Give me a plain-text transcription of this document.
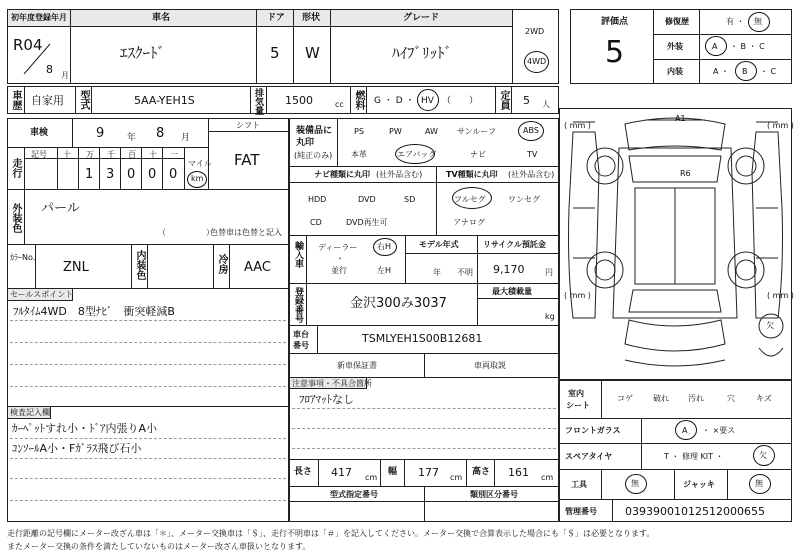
初年度登録年月
R04
8 月
車名
ｴｽｸｰﾄﾞ
ドア
5
形状
W
グレード
ﾊｲﾌﾞﾘｯﾄﾞ
2WD
4WD
車歴 自家用 型式	5AA-YEH1S	排気量 1500	cc 燃料 G ・ D ・ HV （　　） 定員 5 人
車検	9	年 8 月
シフト
FAT
走行
記号 十 万 千 百 十 一
1 3 0 0 0
マイル
km
外装色 パール
（　　　　　）
色替車は色替と記入
ｶﾗｰNo.
ZNL	内装色	冷房 AAC
セールスポイント
ﾌﾙﾀｲﾑ4WD　8型ﾅﾋﾞ　衝突軽減B
検査記入欄
ｶｰﾍﾟｯﾄすれ小・ﾄﾞｱ内張りA小
ｺﾝｿｰﾙA小・Fｶﾞﾗｽ飛び石小
装備品に
丸印
(純正のみ)
PS	PW	AW サンルーフ	ABS
本革	エアバッグ	ナビ	TV
ナビ種類に丸印 (社外品含む)	TV種類に丸印 (社外品含む)
HDD	DVD	SD
CD	DVD再生可
フルセグ	ワンセグ
アナログ
輸入車 ディーラー
・
並行
右H
左H
モデル年式
年 不明
リサイクル預託金
9,170	円
登録番号	金沢300み3037
最大積載量
kg
車台
番号
TSMLYEH1S00B12681
新車保証書	車両取説
注意事項・不具合箇所
ﾌﾛｱﾏｯﾄなし
長さ 417 cm
幅 177 cm
高さ 161 cm
型式指定番号	類別区分番号
評価点
5
修復歴	有 ・ 無
外装	A ・ B ・ C
内装	A ・ B ・ C
A1
R6
欠
( mm )	( mm )
( mm )	( mm )
室内
シート
コゲ	破れ 汚れ	穴	キズ
フロントガラス	A ・ ×要ス
スペアタイヤ	T ・ 修理 KIT ・	欠
工具	無	ジャッキ	無
管理番号	0393900101251200065​5
走行距離の記号欄にメーター改ざん車は「＊」、メーター交換車は「＄」、走行不明車は「＃」を記入してください。メーター交換で合算表示した場合にも「＄」は必要となります。
またメーター交換の条件を満たしていないものはメーター改ざん車扱いとなります。
